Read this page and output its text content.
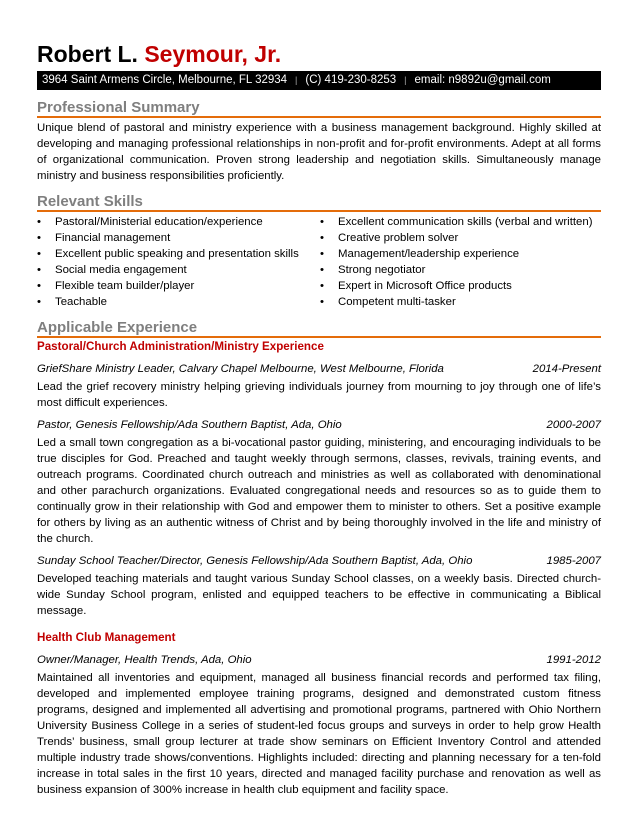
Robert L. Seymour, Jr.
3964 Saint Armens Circle, Melbourne, FL 32934 | (C) 419-230-8253 | email: n9892u@gmail.com
Professional Summary

Unique blend of pastoral and ministry experience with a business management background. Highly skilled at developing and managing professional relationships in non-profit and for-profit environments. Adept at all forms of organizational communication. Proven strong leadership and negotiation skills. Simultaneously manage ministry and business responsibilities proficiently.

Relevant Skills
• Pastoral/Ministerial education/experience
• Financial management
• Excellent public speaking and presentation skills
• Social media engagement
• Flexible team builder/player
• Teachable
• Excellent communication skills (verbal and written)
• Creative problem solver
• Management/leadership experience
• Strong negotiator
• Expert in Microsoft Office products
• Competent multi-tasker
Applicable Experience
Pastoral/Church Administration/Ministry Experience
GriefShare Ministry Leader, Calvary Chapel Melbourne, West Melbourne, Florida	2014-Present

Lead the grief recovery ministry helping grieving individuals journey from mourning to joy through one of life’s most difficult experiences.

Pastor, Genesis Fellowship/Ada Southern Baptist, Ada, Ohio	2000-2007

Led a small town congregation as a bi-vocational pastor guiding, ministering, and encouraging individuals to be true disciples for God. Preached and taught weekly through sermons, classes, revivals, training events, and outreach programs. Coordinated church outreach and ministries as well as collaborated with denominational and other parachurch organizations. Evaluated congregational needs and resources so as to guide them to continually grow in their relationship with God and empower them to minister to others. Set a positive example for others by living as an authentic witness of Christ and by being thoroughly involved in the life and ministry of the church.

Sunday School Teacher/Director, Genesis Fellowship/Ada Southern Baptist, Ada, Ohio	1985-2007

Developed teaching materials and taught various Sunday School classes, on a weekly basis. Directed church-wide Sunday School program, enlisted and equipped teachers to be effective in communicating a Biblical message.

Health Club Management
Owner/Manager, Health Trends, Ada, Ohio	1991-2012

Maintained all inventories and equipment, managed all business financial records and performed tax filing, developed and implemented employee training programs, designed and demonstrated custom fitness programs, designed and implemented all advertising and promotional programs, partnered with Ohio Northern University Business College in a series of student-led focus groups and surveys in order to help grow Health Trends’ business, small group lecturer at trade show seminars on Efficient Inventory Control and attended multiple industry trade shows/conventions. Highlights included: directing and planning necessary for a ten-fold increase in total sales in the first 10 years, directed and managed facility purchase and renovation as well as business expansion of 300% increase in health club equipment and facility space.
